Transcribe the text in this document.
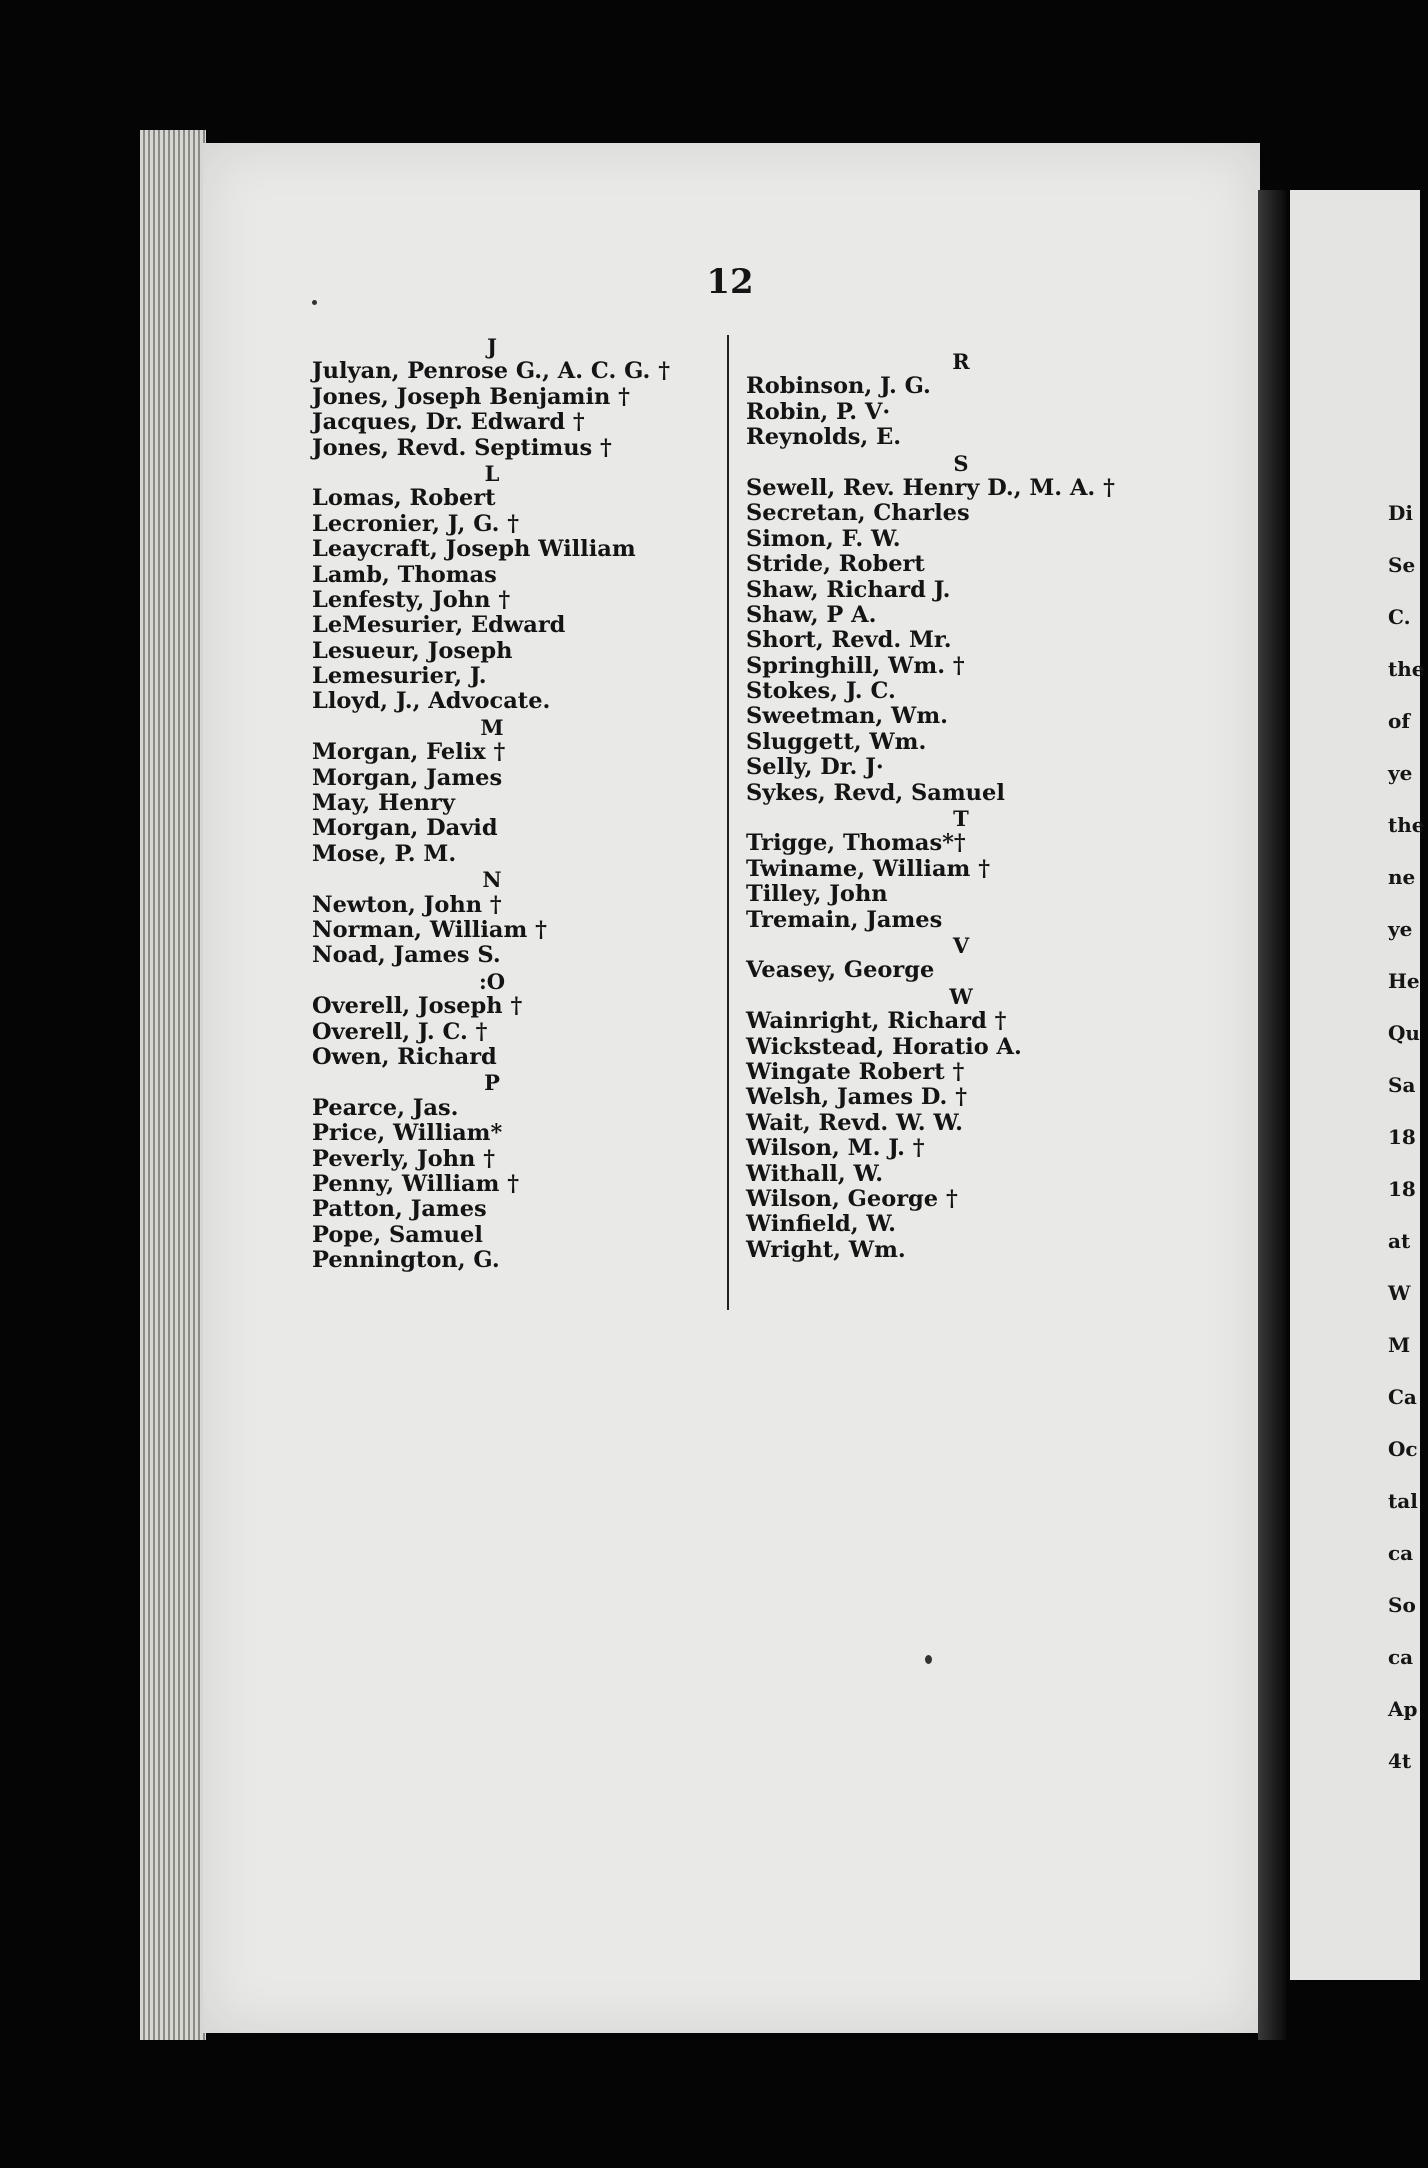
12
J
Julyan, Penrose G., A. C. G. †
Jones, Joseph Benjamin †
Jacques, Dr. Edward †
Jones, Revd. Septimus †
L
Lomas, Robert
Lecronier, J, G. †
Leaycraft, Joseph William
Lamb, Thomas
Lenfesty, John †
LeMesurier, Edward
Lesueur, Joseph
Lemesurier, J.
Lloyd, J., Advocate.
M
Morgan, Felix †
Morgan, James
May, Henry
Morgan, David
Mose, P. M.
N
Newton, John †
Norman, William †
Noad, James S.
:O
Overell, Joseph †
Overell, J. C. †
Owen, Richard
P
Pearce, Jas.
Price, William*
Peverly, John †
Penny, William †
Patton, James
Pope, Samuel
Pennington, G.
R
Robinson, J. G.
Robin, P. V·
Reynolds, E.
S
Sewell, Rev. Henry D., M. A. †
Secretan, Charles
Simon, F. W.
Stride, Robert
Shaw, Richard J.
Shaw, P A.
Short, Revd. Mr.
Springhill, Wm. †
Stokes, J. C.
Sweetman, Wm.
Sluggett, Wm.
Selly, Dr. J·
Sykes, Revd, Samuel
T
Trigge, Thomas*†
Twiname, William †
Tilley, John
Tremain, James
V
Veasey, George
W
Wainright, Richard †
Wickstead, Horatio A.
Wingate Robert †
Welsh, James D. †
Wait, Revd. W. W.
Wilson, M. J. †
Withall, W.
Wilson, George †
Winfield, W.
Wright, Wm.
Di
Se
C.
the
of
ye
the
ne
ye
He
Qu
Sa
18
18
at
W
M
Ca
Oc
tal
ca
So
ca
Ap
4t
